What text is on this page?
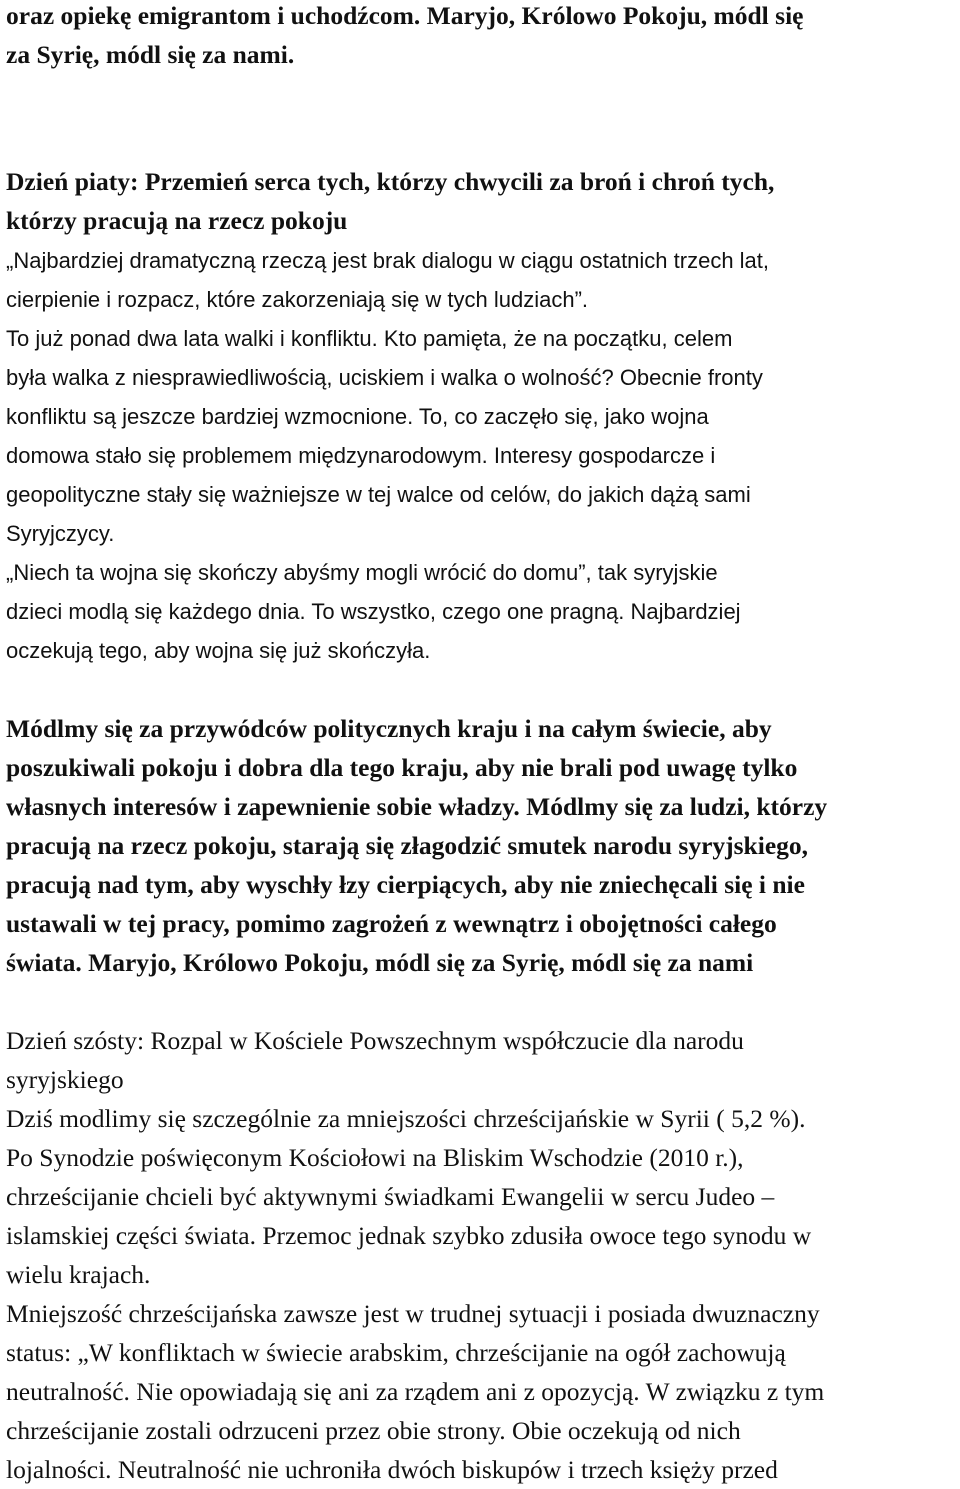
oraz opiekę emigrantom i uchodźcom. Maryjo, Królowo Pokoju, módl się
za Syrię, módl się za nami.
Dzień piaty: Przemień serca tych, którzy chwycili za broń i chroń tych,
którzy pracują na rzecz pokoju
„Najbardziej dramatyczną rzeczą jest brak dialogu w ciągu ostatnich trzech lat,
cierpienie i rozpacz, które zakorzeniają się w tych ludziach”.
To już ponad dwa lata walki i konfliktu. Kto pamięta, że na początku, celem
była walka z niesprawiedliwością, uciskiem i walka o wolność? Obecnie fronty
konfliktu są jeszcze bardziej wzmocnione. To, co zaczęło się, jako wojna
domowa stało się problemem międzynarodowym. Interesy gospodarcze i
geopolityczne stały się ważniejsze w tej walce od celów, do jakich dążą sami
Syryjczycy.
„Niech ta wojna się skończy abyśmy mogli wrócić do domu”, tak syryjskie
dzieci modlą się każdego dnia. To wszystko, czego one pragną. Najbardziej
oczekują tego, aby wojna się już skończyła.
Módlmy się za przywódców politycznych kraju i na całym świecie, aby
poszukiwali pokoju i dobra dla tego kraju, aby nie brali pod uwagę tylko
własnych interesów i zapewnienie sobie władzy. Módlmy się za ludzi, którzy
pracują na rzecz pokoju, starają się złagodzić smutek narodu syryjskiego,
pracują nad tym, aby wyschły łzy cierpiących, aby nie zniechęcali się i nie
ustawali w tej pracy, pomimo zagrożeń z wewnątrz i obojętności całego
świata. Maryjo, Królowo Pokoju, módl się za Syrię, módl się za nami
Dzień szósty: Rozpal w Kościele Powszechnym współczucie dla narodu
syryjskiego
Dziś modlimy się szczególnie za mniejszości chrześcijańskie w Syrii ( 5,2 %).
Po Synodzie poświęconym Kościołowi na Bliskim Wschodzie (2010 r.),
chrześcijanie chcieli być aktywnymi świadkami Ewangelii w sercu Judeo –
islamskiej części świata. Przemoc jednak szybko zdusiła owoce tego synodu w
wielu krajach.
Mniejszość chrześcijańska zawsze jest w trudnej sytuacji i posiada dwuznaczny
status: „W konfliktach w świecie arabskim, chrześcijanie na ogół zachowują
neutralność. Nie opowiadają się ani za rządem ani z opozycją. W związku z tym
chrześcijanie zostali odrzuceni przez obie strony. Obie oczekują od nich
lojalności. Neutralność nie uchroniła dwóch biskupów i trzech księży przed
